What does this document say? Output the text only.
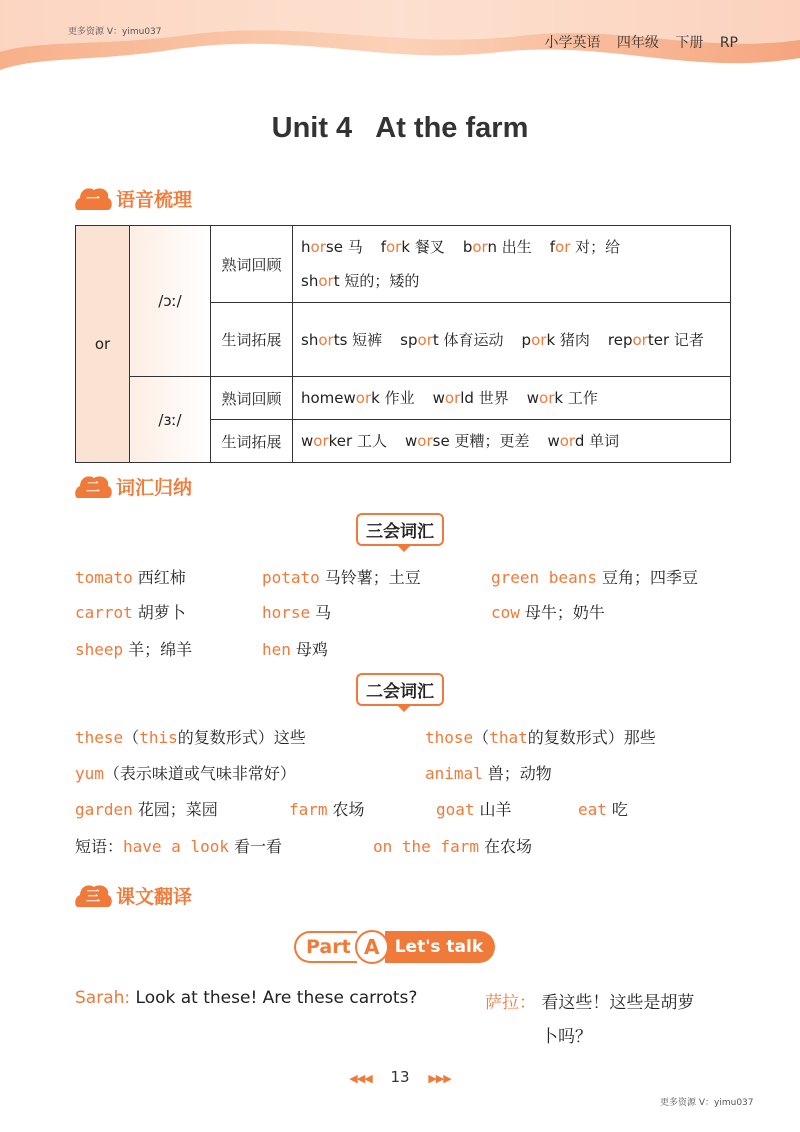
更多资源 V：yimu037
小学英语 四年级 下册 RP
Unit 4   At the farm
一 语音梳理
or	/ɔː/	熟词回顾	horse 马 fork 餐叉 born 出生 for 对；给short 短的；矮的
		生词拓展	shorts 短裤 sport 体育运动 pork 猪肉 reporter 记者
	/ɜː/	熟词回顾	homework 作业 world 世界 work 工作
		生词拓展	worker 工人 worse 更糟；更差 word 单词
二 词汇归纳
三会词汇
tomato 西红柿	potato 马铃薯；土豆	green beans 豆角；四季豆
carrot 胡萝卜	horse 马	cow 母牛；奶牛
sheep 羊；绵羊	hen 母鸡
二会词汇
these（this的复数形式）这些	those（that的复数形式）那些
yum（表示味道或气味非常好）	animal 兽；动物
garden 花园；菜园	farm 农场	goat 山羊	eat 吃
短语：have a look 看一看	on the farm 在农场
三 课文翻译
Part A Let's talk
Sarah: Look at these! Are these carrots?	萨拉： 看这些！这些是胡萝
卜吗？
◀◀◀ 13 ▶▶▶
更多资源 V：yimu037
